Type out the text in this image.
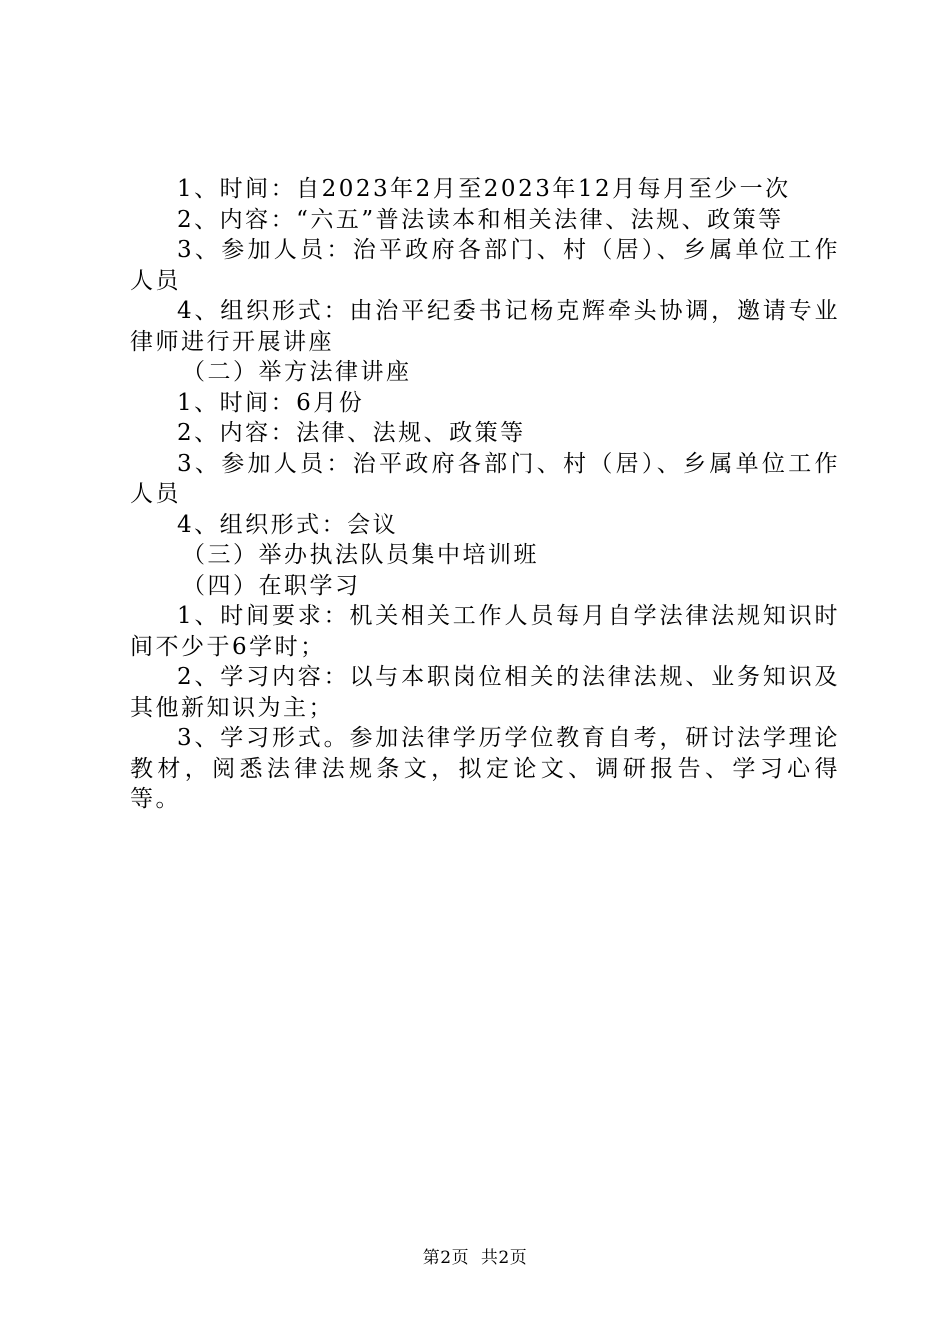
1、时间：自2023年2月至2023年12月每月至少一次

2、内容：“六五”普法读本和相关法律、法规、政策等

3、参加人员：治平政府各部门、村（居）、乡属单位工作人员

4、组织形式：由治平纪委书记杨克辉牵头协调，邀请专业律师进行开展讲座

（二）举方法律讲座

1、时间：6月份

2、内容：法律、法规、政策等

3、参加人员：治平政府各部门、村（居）、乡属单位工作人员

4、组织形式：会议

（三）举办执法队员集中培训班

（四）在职学习

1、时间要求：机关相关工作人员每月自学法律法规知识时间不少于6学时；

2、学习内容：以与本职岗位相关的法律法规、业务知识及其他新知识为主；

3、学习形式。参加法律学历学位教育自考，研讨法学理论教材，阅悉法律法规条文，拟定论文、调研报告、学习心得等。

第2页  共2页
